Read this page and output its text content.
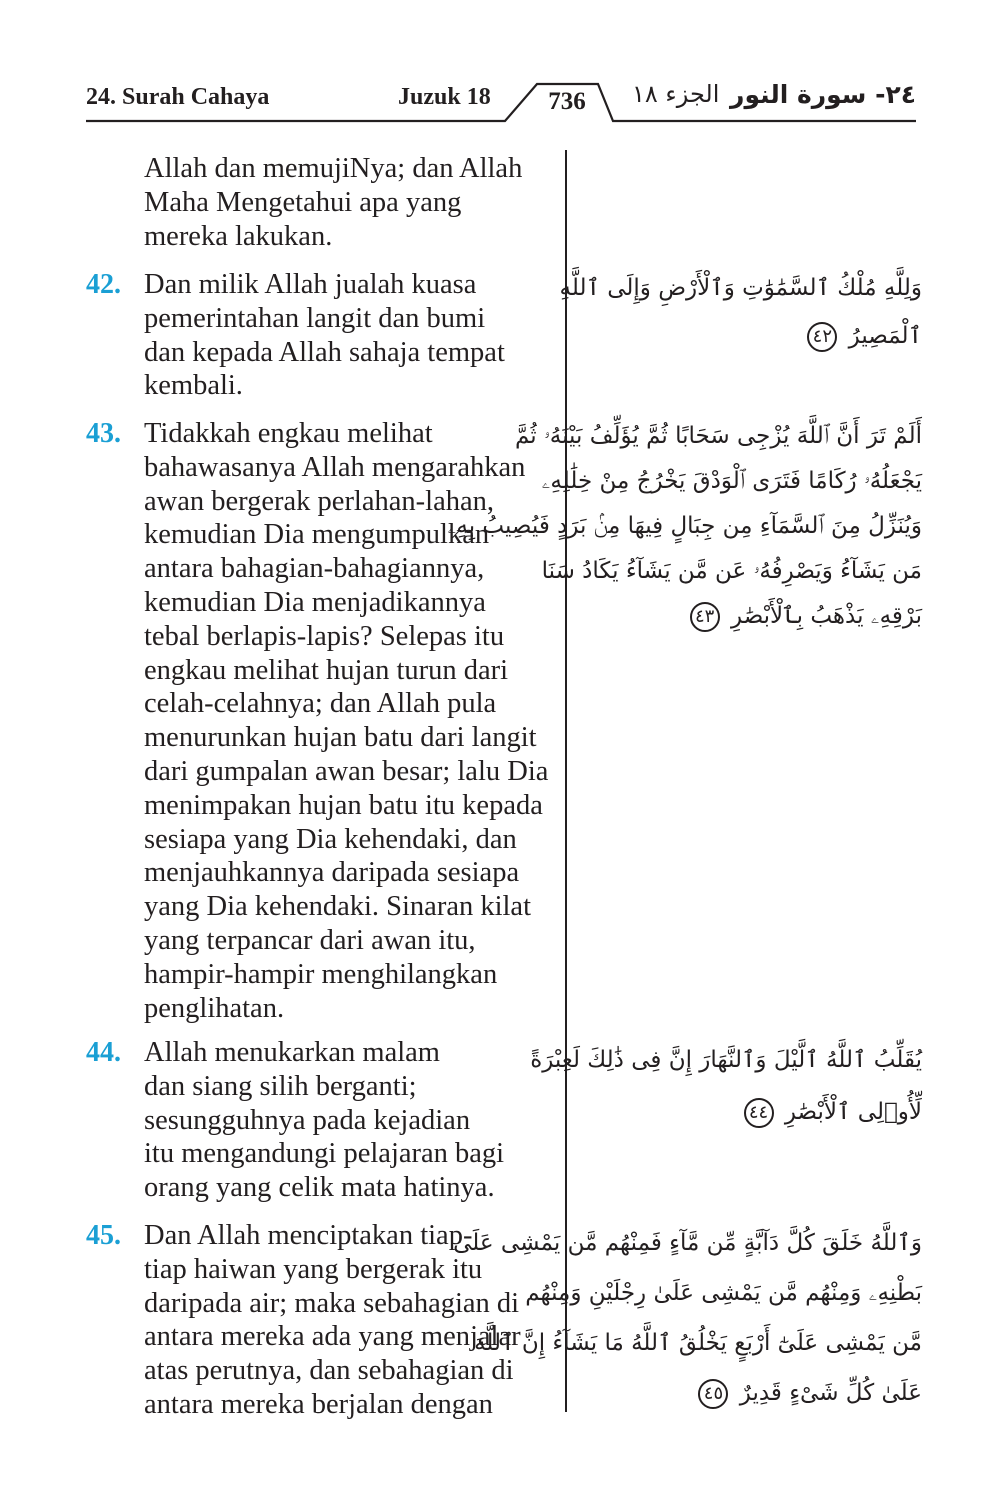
24. Surah Cahaya	Juzuk 18	736	الجزء ١٨ ٢٤- سورة النور
Allah dan memujiNya; dan Allah
Maha Mengetahui apa yang
mereka lakukan.
42. Dan milik Allah jualah kuasa
pemerintahan langit dan bumi
dan kepada Allah sahaja tempat
kembali.
وَلِلَّهِ مُلْكُ ٱلسَّمَٰوَٰتِ وَٱلْأَرْضِ وَإِلَى ٱللَّهِ
ٱلْمَصِيرُ ٤٢
43. Tidakkah engkau melihat
bahawasanya Allah mengarahkan
awan bergerak perlahan-lahan,
kemudian Dia mengumpulkan
antara bahagian-bahagiannya,
kemudian Dia menjadikannya
tebal berlapis-lapis? Selepas itu
engkau melihat hujan turun dari
celah-celahnya; dan Allah pula
menurunkan hujan batu dari langit
dari gumpalan awan besar; lalu Dia
menimpakan hujan batu itu kepada
sesiapa yang Dia kehendaki, dan
menjauhkannya daripada sesiapa
yang Dia kehendaki. Sinaran kilat
yang terpancar dari awan itu,
hampir-hampir menghilangkan
penglihatan.
أَلَمْ تَرَ أَنَّ ٱللَّهَ يُزْجِى سَحَابًا ثُمَّ يُؤَلِّفُ بَيْنَهُۥ ثُمَّ
يَجْعَلُهُۥ رُكَامًا فَتَرَى ٱلْوَدْقَ يَخْرُجُ مِنْ خِلَٰلِهِۦ
وَيُنَزِّلُ مِنَ ٱلسَّمَآءِ مِن جِبَالٍ فِيهَا مِنۢ بَرَدٍ فَيُصِيبُ بِهِۦ
مَن يَشَآءُ وَيَصْرِفُهُۥ عَن مَّن يَشَآءُ يَكَادُ سَنَا
بَرْقِهِۦ يَذْهَبُ بِٱلْأَبْصَٰرِ ٤٣
44. Allah menukarkan malam
dan siang silih berganti;
sesungguhnya pada kejadian
itu mengandungi pelajaran bagi
orang yang celik mata hatinya.
يُقَلِّبُ ٱللَّهُ ٱلَّيْلَ وَٱلنَّهَارَ إِنَّ فِى ذَٰلِكَ لَعِبْرَةً
لِّأُو۟لِى ٱلْأَبْصَٰرِ ٤٤
45. Dan Allah menciptakan tiap-
tiap haiwan yang bergerak itu
daripada air; maka sebahagian di
antara mereka ada yang menjalar
atas perutnya, dan sebahagian di
antara mereka berjalan dengan
وَٱللَّهُ خَلَقَ كُلَّ دَآبَّةٍ مِّن مَّآءٍ فَمِنْهُم مَّن يَمْشِى عَلَىٰ
بَطْنِهِۦ وَمِنْهُم مَّن يَمْشِى عَلَىٰ رِجْلَيْنِ وَمِنْهُم
مَّن يَمْشِى عَلَىٰٓ أَرْبَعٍ يَخْلُقُ ٱللَّهُ مَا يَشَآءُ إِنَّ ٱللَّهَ
عَلَىٰ كُلِّ شَىْءٍ قَدِيرٌ ٤٥
